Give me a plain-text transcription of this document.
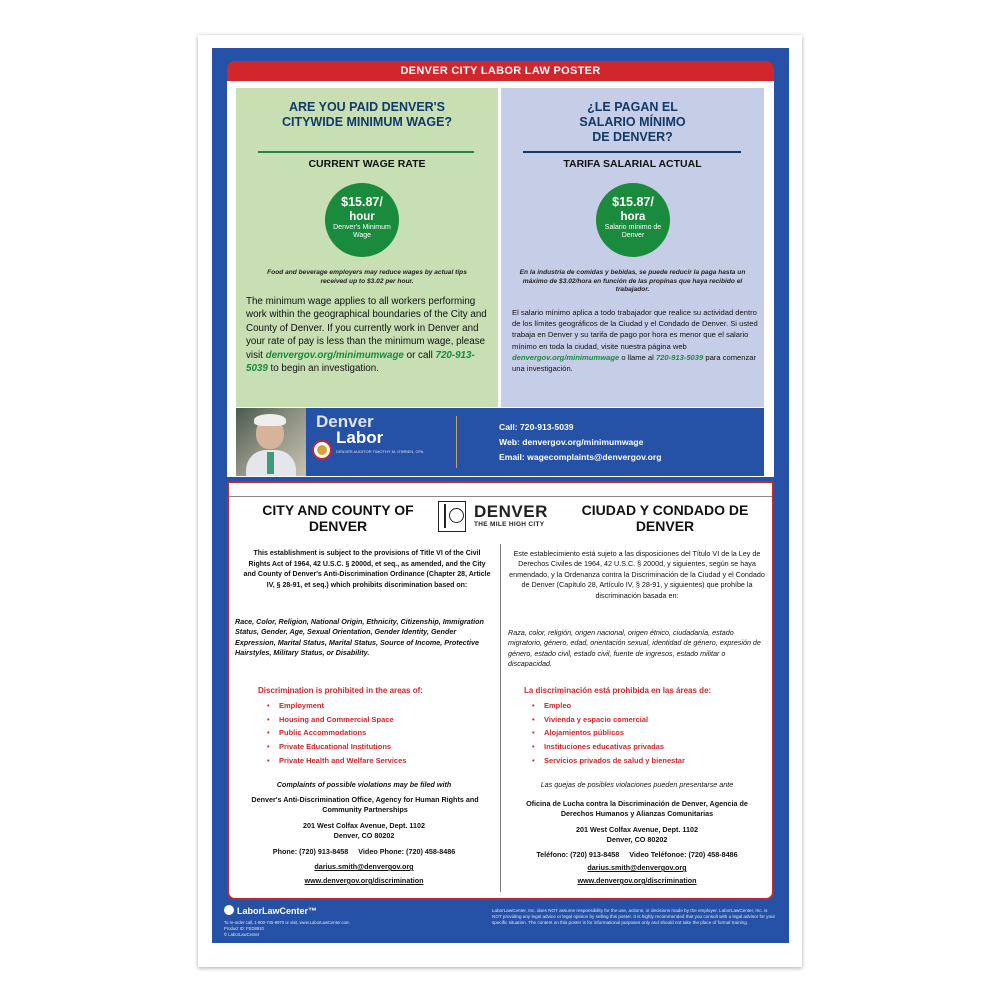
DENVER CITY LABOR LAW POSTER
ARE YOU PAID DENVER'S CITYWIDE MINIMUM WAGE?
CURRENT WAGE RATE
$15.87/
hour
Denver's Minimum Wage
Food and beverage employers may reduce wages by actual tips received up to $3.02 per hour.
The minimum wage applies to all workers performing work within the geographical boundaries of the City and County of Denver. If you currently work in Denver and your rate of pay is less than the minimum wage, please visit denvergov.org/minimumwage or call 720-913-5039 to begin an investigation.
¿LE PAGAN EL SALARIO MÍNIMO DE DENVER?
TARIFA SALARIAL ACTUAL
$15.87/
hora
Salario mínimo de Denver
En la industria de comidas y bebidas, se puede reducir la paga hasta un máximo de $3.02/hora en función de las propinas que haya recibido el trabajador.
El salario mínimo aplica a todo trabajador que realice su actividad dentro de los límites geográficos de la Ciudad y el Condado de Denver. Si usted trabaja en Denver y su tarifa de pago por hora es menor que el salario mínimo en toda la ciudad, visite nuestra página web denvergov.org/minimumwage o llame al 720-913-5039 para comenzar una investigación.
Denver
Labor
DENVER AUDITOR TIMOTHY M. O'BRIEN, CPA
Call: 720-913-5039
Web: denvergov.org/minimumwage
Email: wagecomplaints@denvergov.org
CITY AND COUNTY OF DENVER
DENVER
THE MILE HIGH CITY
CIUDAD Y CONDADO DE DENVER
This establishment is subject to the provisions of Title VI of the Civil Rights Act of 1964, 42 U.S.C. § 2000d, et seq., as amended, and the City and County of Denver's Anti-Discrimination Ordinance (Chapter 28, Article IV, § 28-91, et seq.) which prohibits discrimination based on:
Race, Color, Religion, National Origin, Ethnicity, Citizenship, Immigration Status, Gender, Age, Sexual Orientation, Gender Identity, Gender Expression, Marital Status, Marital Status, Source of Income, Protective Hairstyles, Military Status, or Disability.
Discrimination is prohibited in the areas of:
• Employment
• Housing and Commercial Space
• Public Accommodations
• Private Educational Institutions
• Private Health and Welfare Services
Complaints of possible violations may be filed with
Denver's Anti-Discrimination Office, Agency for Human Rights and Community Partnerships
201 West Colfax Avenue, Dept. 1102
Denver, CO 80202
Phone: (720) 913-8458     Video Phone: (720) 458-8486
darius.smith@denvergov.org
www.denvergov.org/discrimination
Este establecimiento está sujeto a las disposiciones del Título VI de la Ley de Derechos Civiles de 1964, 42 U.S.C. § 2000d, y siguientes, según se haya enmendado, y la Ordenanza contra la Discriminación de la Ciudad y el Condado de Denver (Capítulo 28, Artículo IV, § 28-91, y siguientes) que prohíbe la discriminación basada en:
Raza, color, religión, origen nacional, origen étnico, ciudadanía, estado migratorio, género, edad, orientación sexual, identidad de género, expresión de género, estado civil, estado civil, fuente de ingresos, estado militar o discapacidad.
La discriminación está prohibida en las áreas de:
• Empleo
• Vivienda y espacio comercial
• Alojamientos públicos
• Instituciones educativas privadas
• Servicios privados de salud y bienestar
Las quejas de posibles violaciones pueden presentarse ante
Oficina de Lucha contra la Discriminación de Denver, Agencia de Derechos Humanos y Alianzas Comunitarias
201 West Colfax Avenue, Dept. 1102
Denver, CO 80202
Teléfono: (720) 913-8458     Video Teléfonoe: (720) 458-8486
darius.smith@denvergov.org
www.denvergov.org/discrimination
LaborLawCenter™
To re-order call, 1-800-745-9970 or visit, www.LaborLawCenter.com
Product ID: FED8910
© LaborLawCenter
LaborLawCenter, Inc. does NOT assume responsibility for the use, actions, or decisions made by the employer. LaborLawCenter, Inc. is NOT providing any legal advice or legal opinion by selling this poster. It is highly recommended that you consult with a legal advisor for your specific situation. The content on this poster is for informational purposes only and should not take the place of formal training.
